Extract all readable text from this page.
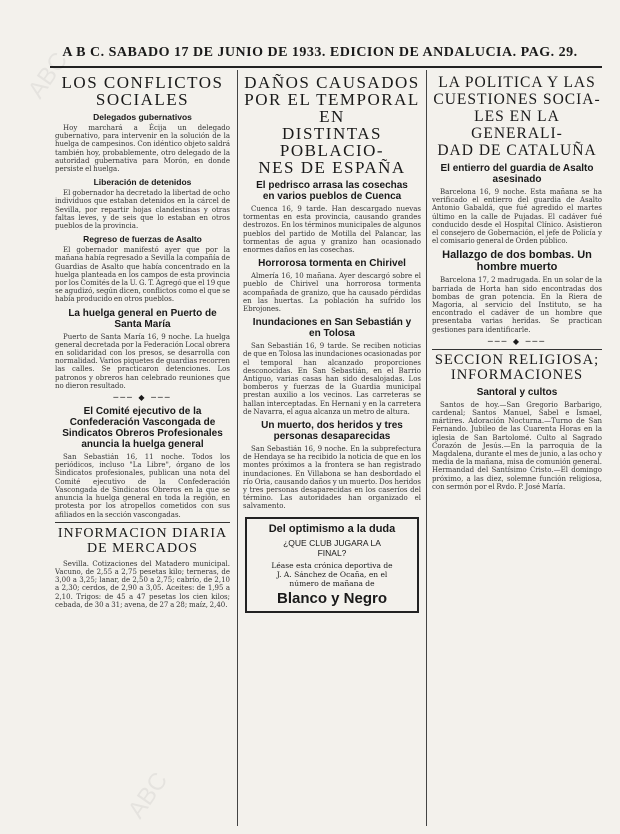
A B C. SABADO 17 DE JUNIO DE 1933. EDICION DE ANDALUCIA. PAG. 29.
LOS CONFLICTOS
SOCIALES
Delegados gubernativos

Hoy marchará a Écija un delegado gubernativo, para intervenir en la solución de la huelga de campesinos. Con idéntico objeto saldrá también hoy, probablemente, otro delegado de la autoridad gubernativa para Morón, en donde persiste el huelga.

Liberación de detenidos

El gobernador ha decretado la libertad de ocho individuos que estaban detenidos en la cárcel de Sevilla, por repartir hojas clandestinas y otras faltas leves, y de seis que lo estaban en otros pueblos de la provincia.

Regreso de fuerzas de Asalto

El gobernador manifestó ayer que por la mañana había regresado a Sevilla la compañía de Guardias de Asalto que había concentrado en la huelga planteada en los campos de esta provincia por los Comités de la U. G. T. Agregó que el 19 que se agudizó, según dicen, conflictos como el que se había producido en otros pueblos.

La huelga general en Puerto de Santa María

Puerto de Santa María 16, 9 noche. La huelga general decretada por la Federación Local obrera en solidaridad con los presos, se desarrolla con normalidad. Varios piquetes de guardias recorren las calles. Se practicaron detenciones. Los patronos y obreros han celebrado reuniones que no dieron resultado.

─── ◆ ───
El Comité ejecutivo de la Confederación Vascongada de Sindicatos Obreros Profesionales anuncia la huelga general

San Sebastián 16, 11 noche. Todos los periódicos, incluso "La Libre", órgano de los Sindicatos profesionales, publican una nota del Comité ejecutivo de la Confederación Vascongada de Sindicatos Obreros en la que se anuncia la huelga general en toda la región, en protesta por los atropellos cometidos con sus afiliados en la sección vascongadas.

INFORMACION DIARIA
DE MERCADOS

Sevilla. Cotizaciones del Matadero municipal. Vacuno, de 2,55 a 2,75 pesetas kilo; terneras, de 3,00 a 3,25; lanar, de 2,50 a 2,75; cabrío, de 2,10 a 2,30; cerdos, de 2,90 a 3,05. Aceites: de 1,95 a 2,10. Trigos: de 45 a 47 pesetas los cien kilos; cebada, de 30 a 31; avena, de 27 a 28; maíz, 2,40.

DAÑOS CAUSADOS
POR EL TEMPORAL EN
DISTINTAS POBLACIO-
NES DE ESPAÑA
El pedrisco arrasa las cosechas
en varios pueblos de Cuenca

Cuenca 16, 9 tarde. Han descargado nuevas tormentas en esta provincia, causando grandes destrozos. En los términos municipales de algunos pueblos del partido de Motilla del Palancar, las tormentas de agua y granizo han ocasionado enormes daños en las cosechas.

Horrorosa tormenta en Chirivel

Almería 16, 10 mañana. Ayer descargó sobre el pueblo de Chirivel una horrorosa tormenta acompañada de granizo, que ha causado pérdidas en las huertas. La población ha sufrido los Ebrojones.

Inundaciones en San Sebastián y
en Tolosa

San Sebastián 16, 9 tarde. Se reciben noticias de que en Tolosa las inundaciones ocasionadas por el temporal han alcanzado proporciones desconocidas. En San Sebastián, en el Barrio Antiguo, varias casas han sido desalojadas. Los bomberos y fuerzas de la Guardia municipal prestan auxilio a los vecinos. Las carreteras se hallan interceptadas. En Hernani y en la carretera de Navarra, el agua alcanza un metro de altura.

Un muerto, dos heridos y tres
personas desaparecidas

San Sebastián 16, 9 noche. En la subprefectura de Hendaya se ha recibido la noticia de que en los montes próximos a la frontera se han registrado inundaciones. En Villabona se han desbordado el río Oria, causando daños y un muerto. Dos heridos y tres personas desaparecidas en los caseríos del término. Las autoridades han organizado el salvamento.

Del optimismo a la duda
¿QUE CLUB JUGARA LA
FINAL?
Léase esta crónica deportiva de
J. A. Sánchez de Ocaña, en el
número de mañana de
Blanco y Negro
LA POLITICA Y LAS
CUESTIONES SOCIA-
LES EN LA GENERALI-
DAD DE CATALUÑA
El entierro del guardia de Asalto
asesinado

Barcelona 16, 9 noche. Esta mañana se ha verificado el entierro del guardia de Asalto Antonio Gabaldá, que fué agredido el martes último en la calle de Pujadas. El cadáver fué conducido desde el Hospital Clínico. Asistieron el consejero de Gobernación, el jefe de Policía y el comisario general de Orden público.

Hallazgo de dos bombas. Un
hombre muerto

Barcelona 17, 2 madrugada. En un solar de la barriada de Horta han sido encontradas dos bombas de gran potencia. En la Riera de Magoria, al servicio del Instituto, se ha encontrado el cadáver de un hombre que presentaba varias heridas. Se practican gestiones para identificarle.

─── ◆ ───
SECCION RELIGIOSA;
INFORMACIONES
Santoral y cultos

Santos de hoy.—San Gregorio Barbarigo, cardenal; Santos Manuel, Sabel e Ismael, mártires. Adoración Nocturna.—Turno de San Fernando. Jubileo de las Cuarenta Horas en la iglesia de San Bartolomé. Culto al Sagrado Corazón de Jesús.—En la parroquia de la Magdalena, durante el mes de junio, a las ocho y media de la mañana, misa de comunión general. Hermandad del Santísimo Cristo.—El domingo próximo, a las diez, solemne función religiosa, con sermón por el Rvdo. P. José María.

ABC
ABC
